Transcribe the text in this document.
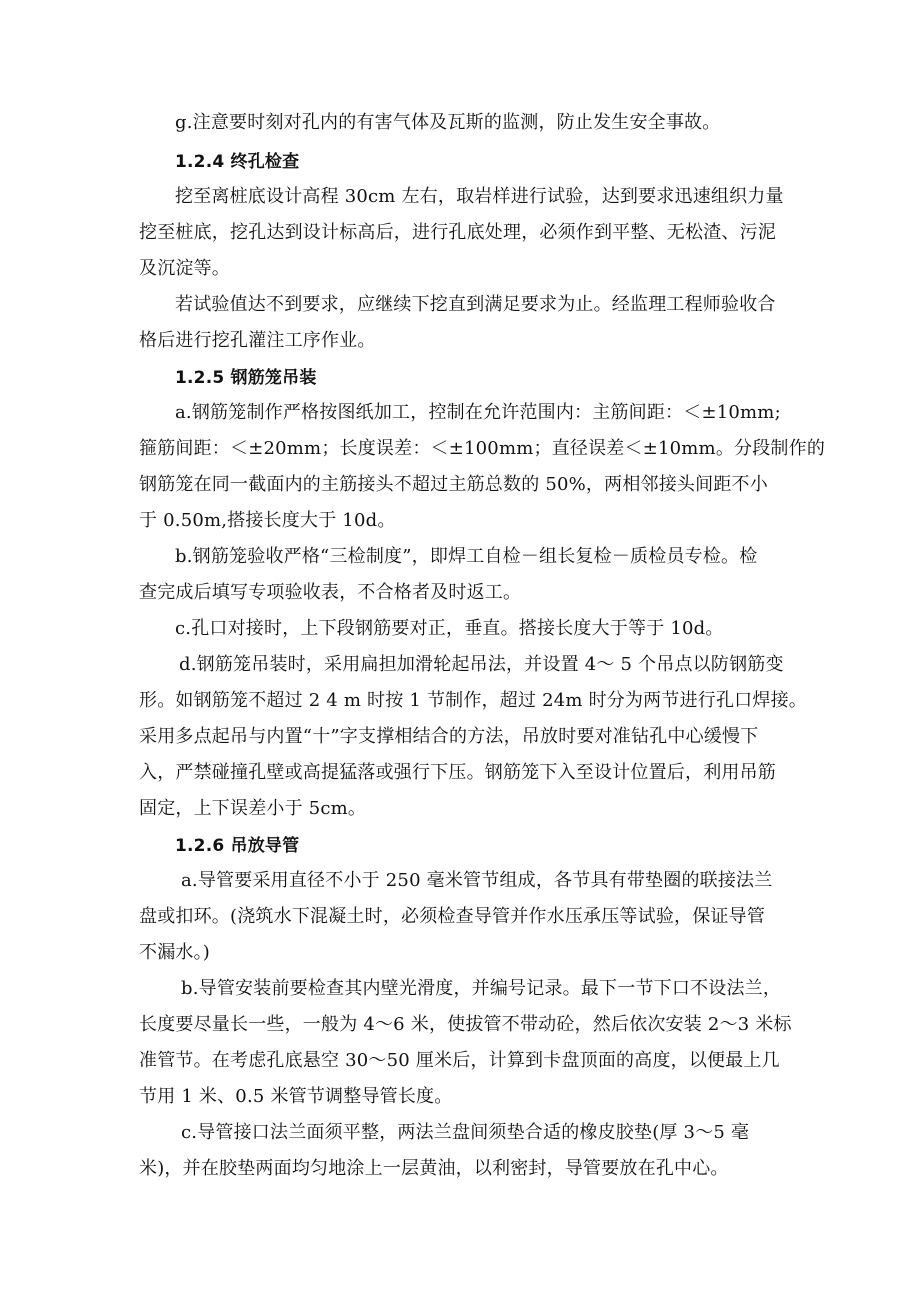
g.注意要时刻对孔内的有害气体及瓦斯的监测，防止发生安全事故。
1.2.4 终孔检查
挖至离桩底设计高程 30cm 左右，取岩样进行试验，达到要求迅速组织力量
挖至桩底，挖孔达到设计标高后，进行孔底处理，必须作到平整、无松渣、污泥
及沉淀等。
若试验值达不到要求，应继续下挖直到满足要求为止。经监理工程师验收合
格后进行挖孔灌注工序作业。
1.2.5 钢筋笼吊装
a.钢筋笼制作严格按图纸加工，控制在允许范围内：主筋间距：＜±10mm;
箍筋间距：＜±20mm；长度误差：＜±100mm；直径误差＜±10mm。分段制作的
钢筋笼在同一截面内的主筋接头不超过主筋总数的 50%，两相邻接头间距不小
于 0.50m,搭接长度大于 10d。
b.钢筋笼验收严格“三检制度”，即焊工自检－组长复检－质检员专检。检
查完成后填写专项验收表，不合格者及时返工。
c.孔口对接时，上下段钢筋要对正，垂直。搭接长度大于等于 10d。
d.钢筋笼吊装时，采用扁担加滑轮起吊法，并设置 4～ 5 个吊点以防钢筋变
形。如钢筋笼不超过 2 4 m 时按 1 节制作，超过 24m 时分为两节进行孔口焊接。
采用多点起吊与内置“十”字支撑相结合的方法，吊放时要对准钻孔中心缓慢下
入，严禁碰撞孔壁或高提猛落或强行下压。钢筋笼下入至设计位置后，利用吊筋
固定，上下误差小于 5cm。
1.2.6 吊放导管
a.导管要采用直径不小于 250 毫米管节组成，各节具有带垫圈的联接法兰
盘或扣环。(浇筑水下混凝土时，必须检查导管并作水压承压等试验，保证导管
不漏水。)
b.导管安装前要检查其内壁光滑度，并编号记录。最下一节下口不设法兰，
长度要尽量长一些，一般为 4～6 米，使拔管不带动砼，然后依次安装 2～3 米标
准管节。在考虑孔底悬空 30～50 厘米后，计算到卡盘顶面的高度，以便最上几
节用 1 米、0.5 米管节调整导管长度。
c.导管接口法兰面须平整，两法兰盘间须垫合适的橡皮胶垫(厚 3～5 毫
米)，并在胶垫两面均匀地涂上一层黄油，以利密封，导管要放在孔中心。
